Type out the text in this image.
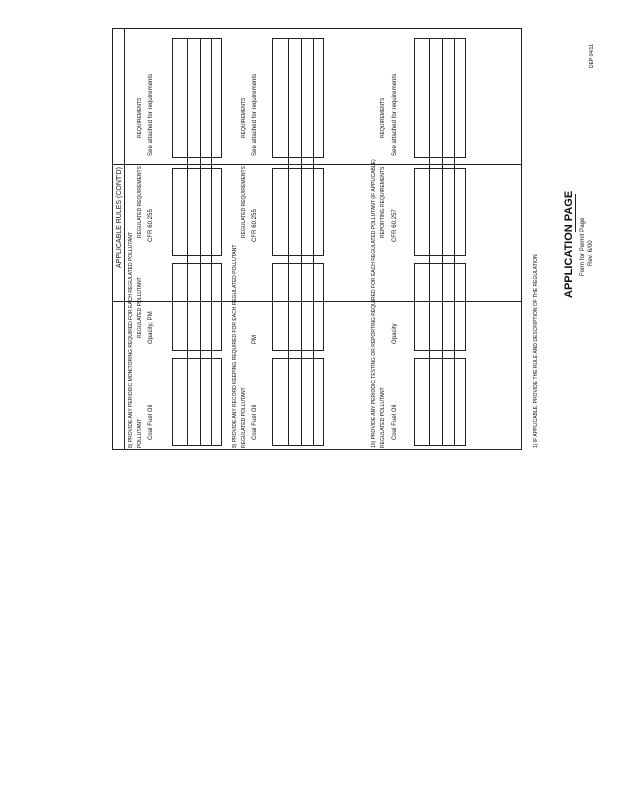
APPLICABLE RULES (CONT'D)
8) PROVIDE ANY PERIODIC MONITORING REQUIRED FOR EACH REGULATED POLLUTANT POLLUTANT
REGULATED POLLUTANT
REGULATED REQUIREMENTS
REQUIREMENTS
Coal Fuel Oil
Opacity, PM
CFR 60.255
See attached for requirements
9) PROVIDE ANY RECORD KEEPING REQUIRED FOR EACH REGULATED POLLUTANT REGULATED POLLUTANT
REGULATED REQUIREMENTS
REQUIREMENTS
Coal Fuel Oil
PM
CFR 60.255
See attached for requirements
10) PROVIDE ANY PERIODIC TESTING OR REPORTING REQUIRED FOR EACH REGULATED POLLUTANT (IF APPLICABLE) REGULATED POLLUTANT
REPORTING REQUIREMENTS
REQUIREMENTS
Coal Fuel Oil
Opacity
CFR 60.257
See attached for requirements
1) IF APPLICABLE, PROVIDE THE RULE AND DESCRIPTION OF THE REGULATION
APPLICATION PAGE Form for Permit Page Rev. 6/00
DEP 04/11
